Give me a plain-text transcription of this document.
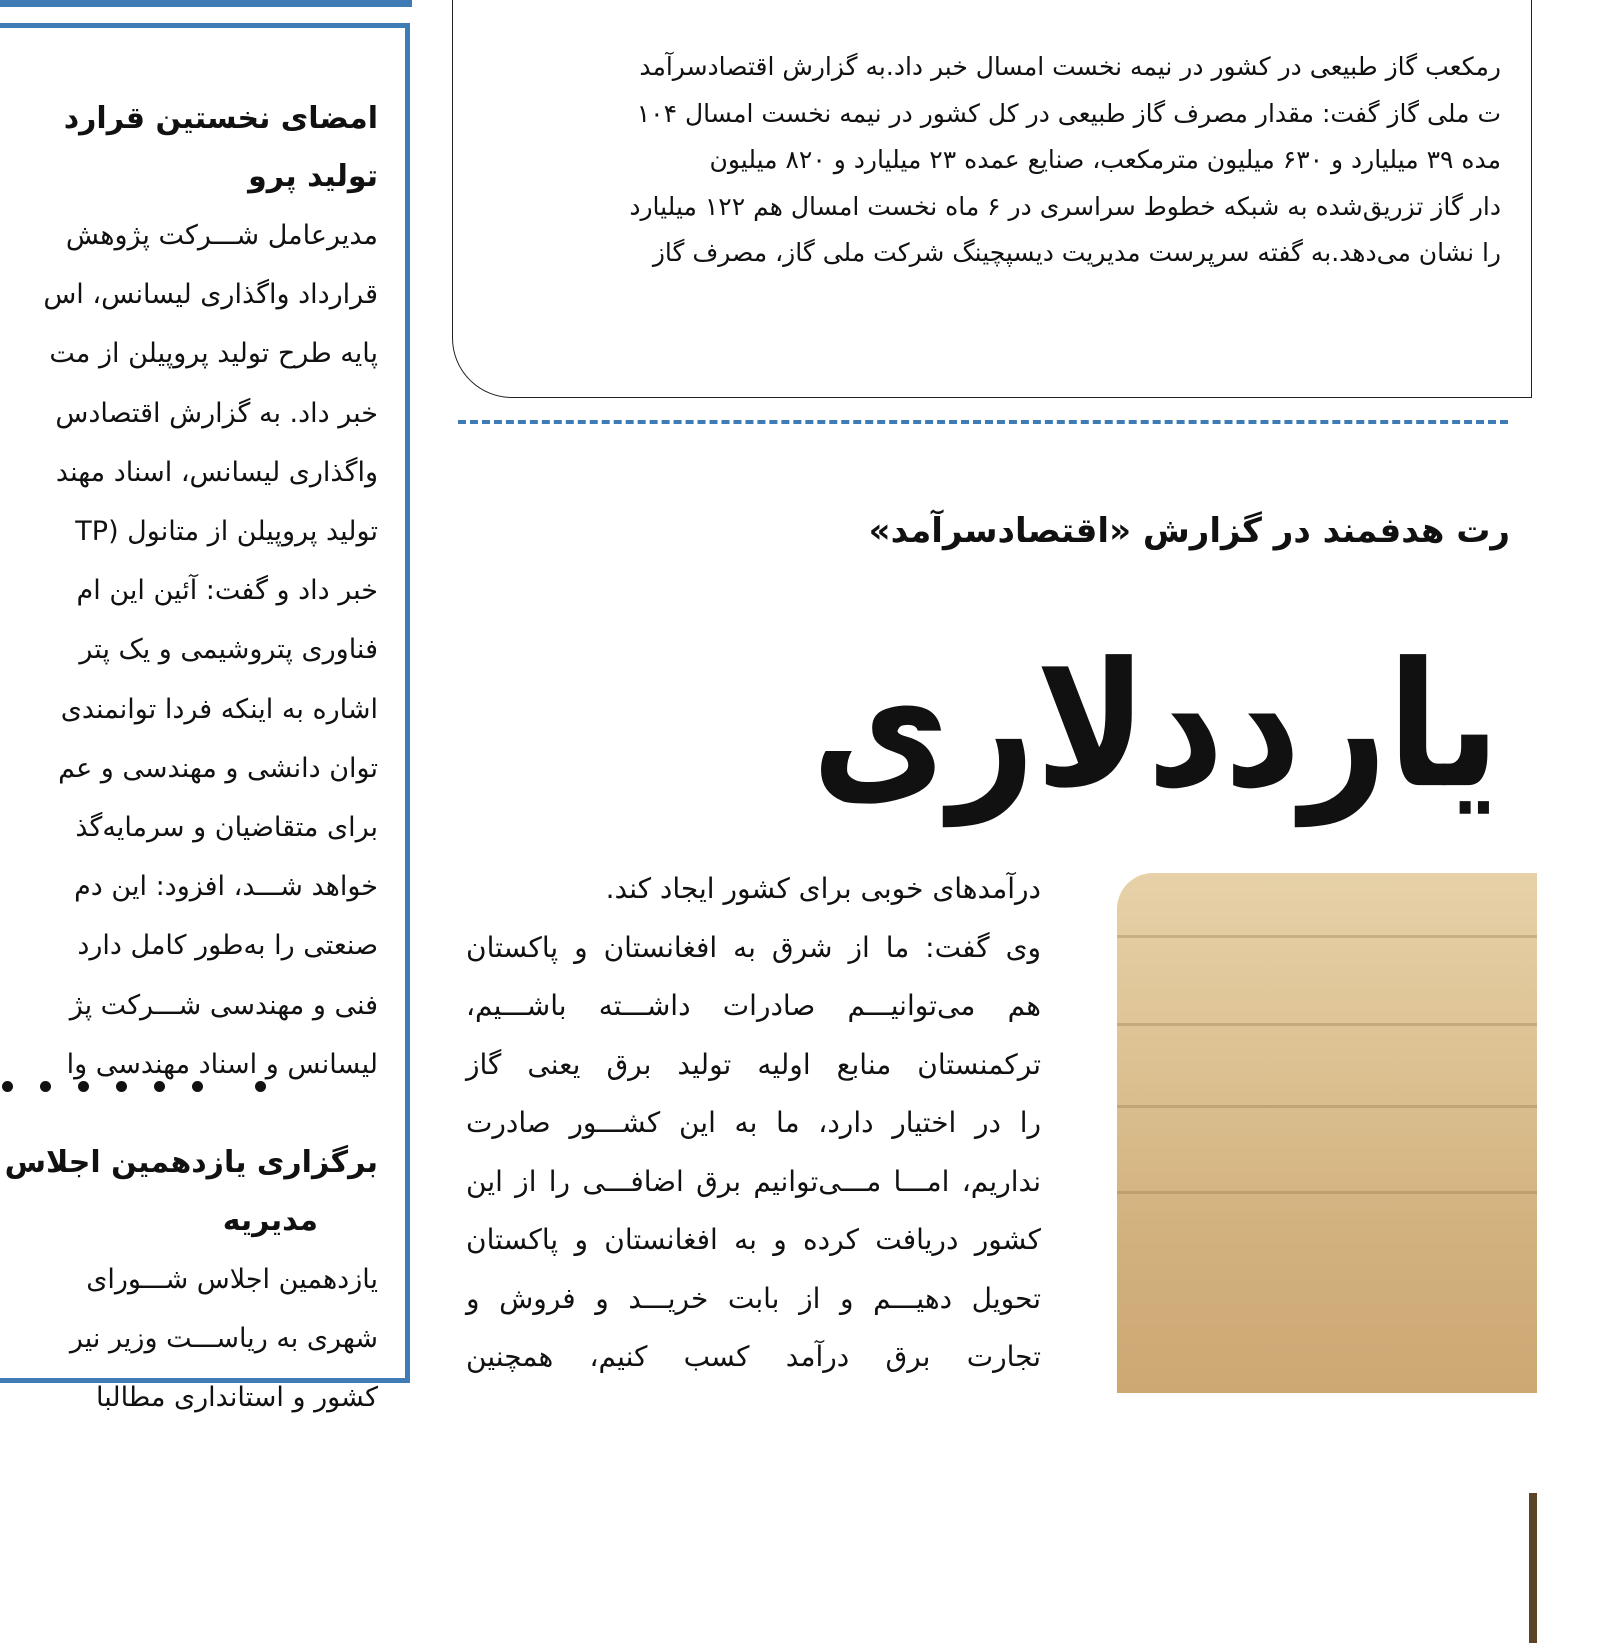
امضای نخستین قرار‌د
تولید پرو
مدیرعامل شـــرکت پژوهش
قرارداد واگذاری لیسانس، اس
پایه طرح تولید پروپیلن از مت
خبر داد. به گزارش اقتصادس
واگذاری لیسانس، اسناد مهند
تولید پروپیلن از متانول (TP
خبر داد و گفت: آئین این ام
فناوری پتروشیمی و یک پتر
اشاره به اینکه فردا توانمندی
توان دانشی و مهندسی و عم
برای متقاضیان و سرمایه‌گذ
خواهد شـــد، افزود: این دم
صنعتی را به‌طور کامل دارد
فنی و مهندسی شـــرکت پژ
لیسانس و اسناد مهندسی وا
برگزاری یازدهمین اجلاس
مدیریه
یازدهمین اجلاس شـــورای
شهری به ریاســـت وزیر نیر
کشور و استانداری مطالبا
رمکعب گاز طبیعی در کشور در نیمه نخست امسال خبر داد.به گزارش اقتصادسرآمد
ت ملی گاز گفت: مقدار مصرف گاز طبیعی در کل کشور در نیمه نخست امسال ۱۰۴
مده ۳۹ میلیارد و ۶۳۰ میلیون مترمکعب، صنایع عمده ۲۳ میلیارد و ۸۲۰ میلیون
دار گاز تزریق‌شده به شبکه خطوط سراسری در ۶ ماه نخست امسال هم ۱۲۲ میلیارد
را نشان می‌دهد.به گفته سرپرست مدیریت دیسپچینگ شرکت ملی گاز، مصرف گاز
رت هدفمند در گزارش «اقتصادسرآمد»
یارددلاری
درآمدهای خوبی برای کشور ایجاد کند.
وی گفت: ما از شرق به افغانستان و پاکستان
هم می‌توانیـــم صادرات داشـــته باشـــیم،
ترکمنستان منابع اولیه تولید برق یعنی گاز
را در اختیار دارد، ما به این کشـــور صادرت
نداریم، امـــا مـــی‌توانیم برق اضافـــی را از این
کشور دریافت کرده و به افغانستان و پاکستان
تحویل دهیـــم و از بابت خریـــد و فروش و
تجارت برق درآمد کسب کنیم، همچنین
